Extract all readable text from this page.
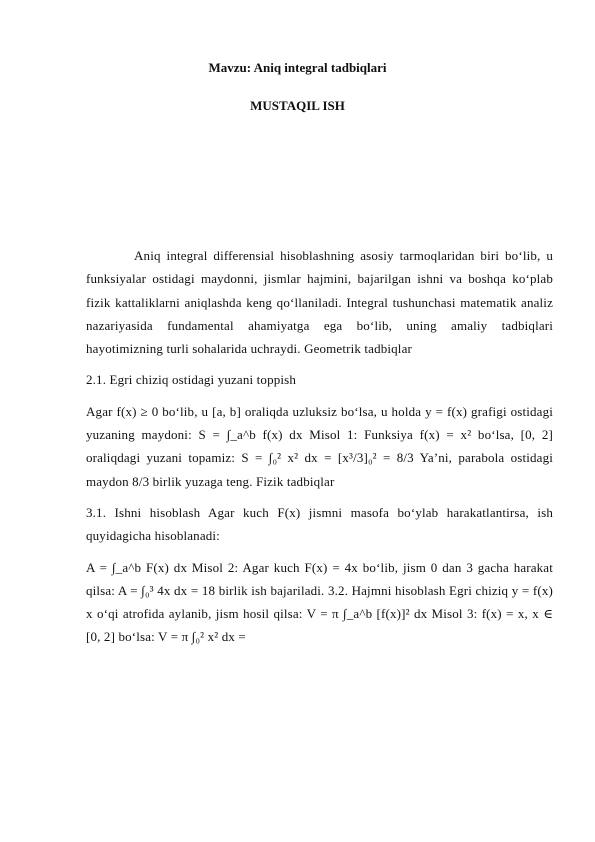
Mavzu: Aniq integral tadbiqlari
MUSTAQIL ISH

Aniq integral differensial hisoblashning asosiy tarmoqlaridan biri bo‘lib, u funksiyalar ostidagi maydonni, jismlar hajmini, bajarilgan ishni va boshqa ko‘plab fizik kattaliklarni aniqlashda keng qo‘llaniladi. Integral tushunchasi matematik analiz nazariyasida fundamental ahamiyatga ega bo‘lib, uning amaliy tadbiqlari hayotimizning turli sohalarida uchraydi. Geometrik tadbiqlar

2.1. Egri chiziq ostidagi yuzani toppish

Agar f(x) ≥ 0 bo‘lib, u [a, b] oraliqda uzluksiz bo‘lsa, u holda y = f(x) grafigi ostidagi yuzaning maydoni: S = ∫_a^b f(x) dx Misol 1: Funksiya f(x) = x² bo‘lsa, [0, 2] oraliqdagi yuzani topamiz: S = ∫₀² x² dx = [x³/3]₀² = 8/3 Ya’ni, parabola ostidagi maydon 8/3 birlik yuzaga teng. Fizik tadbiqlar

3.1. Ishni hisoblash Agar kuch F(x) jismni masofa bo‘ylab harakatlantirsa, ish quyidagicha hisoblanadi:

A = ∫_a^b F(x) dx Misol 2: Agar kuch F(x) = 4x bo‘lib, jism 0 dan 3 gacha harakat qilsa: A = ∫₀³ 4x dx = 18 birlik ish bajariladi. 3.2. Hajmni hisoblash Egri chiziq y = f(x) x o‘qi atrofida aylanib, jism hosil qilsa: V = π ∫_a^b [f(x)]² dx Misol 3: f(x) = x, x ∈ [0, 2] bo‘lsa: V = π ∫₀² x² dx =
